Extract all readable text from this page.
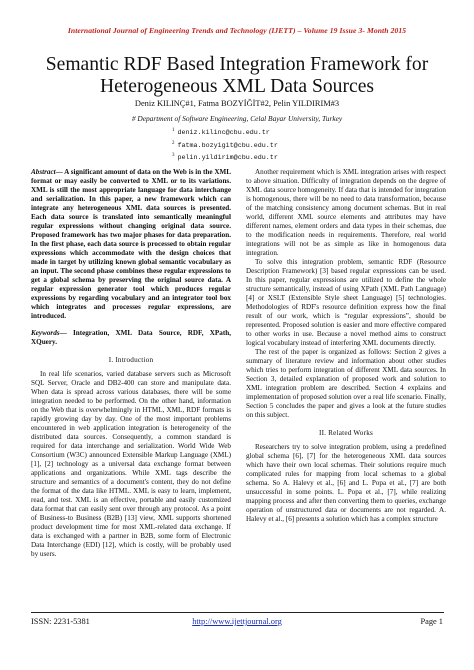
International Journal of Engineering Trends and Technology (IJETT) – Volume 19 Issue 3- Month 2015
Semantic RDF Based Integration Framework for Heterogeneous XML Data Sources
Deniz KILINÇ#1, Fatma BOZYİĞİT#2, Pelin YILDIRIM#3
# Department of Software Engineering, Celal Bayar University, Turkey
$^1$ deniz.kilinc@cbu.edu.tr
$^2$ fatma.bozyigit@cbu.edu.tr
$^3$ pelin.yildirim@cbu.edu.tr

Abstract— A significant amount of data on the Web is in the XML format or may easily be converted to XML or to its variations. XML is still the most appropriate language for data interchange and serialization. In this paper, a new framework which can integrate any heterogeneous XML data sources is presented. Each data source is translated into semantically meaningful regular expressions without changing original data source. Proposed framework has two major phases for data preparation. In the first phase, each data source is processed to obtain regular expressions which accommodate with the design choices that made in target by utilizing known global semantic vocabulary as an input. The second phase combines these regular expressions to get a global schema by preserving the original source data. A regular expression generator tool which produces regular expressions by regarding vocabulary and an integrator tool box which integrates and processes regular expressions, are introduced.

Keywords— Integration, XML Data Source, RDF, XPath, XQuery.

I. Introduction

In real life scenarios, varied database servers such as Microsoft SQL Server, Oracle and DB2-400 can store and manipulate data. When data is spread across various databases, there will be some integration needed to be performed. On the other hand, information on the Web that is overwhelmingly in HTML, XML, RDF formats is rapidly growing day by day. One of the most important problems encountered in web application integration is heterogeneity of the distributed data sources. Consequently, a common standard is required for data interchange and serialization. World Wide Web Consortium (W3C) announced Extensible Markup Language (XML) [1], [2] technology as a universal data exchange format between applications and organizations. While XML tags describe the structure and semantics of a document's content, they do not define the format of the data like HTML. XML is easy to learn, implement, read, and test. XML is an effective, portable and easily customized data format that can easily sent over through any protocol. As a point of Business-to Business (B2B) [13] view, XML supports shortened product development time for most XML-related data exchange. If data is exchanged with a partner in B2B, some form of Electronic Data Interchange (EDI) [12], which is costly, will be probably used by users.

Another requirement which is XML integration arises with respect to above situation. Difficulty of integration depends on the degree of XML data source homogeneity. If data that is intended for integration is homogenous, there will be no need to data transformation, because of the matching consistency among document schemas. But in real world, different XML source elements and attributes may have different names, element orders and data types in their schemas, due to the modification needs in requirements. Therefore, real world integrations will not be as simple as like in homogenous data integration.

To solve this integration problem, semantic RDF (Resource Description Framework) [3] based regular expressions can be used. In this paper, regular expressions are utilized to define the whole structure semantically, instead of using XPath (XML Path Language) [4] or XSLT (Extensible Style sheet Language) [5] technologies. Methodologies of RDF's resource definition express how the final result of our work, which is “regular expressions”, should be represented. Proposed solution is easier and more effective compared to other works in use. Because a novel method aims to construct logical vocabulary instead of interfering XML documents directly.

The rest of the paper is organized as follows: Section 2 gives a summary of literature review and information about other studies which tries to perform integration of different XML data sources. In Section 3, detailed explanation of proposed work and solution to XML integration problem are described. Section 4 explains and implementation of proposed solution over a real life scenario. Finally, Section 5 concludes the paper and gives a look at the future studies on this subject.

II. Related Works

Researchers try to solve integration problem, using a predefined global schema [6], [7] for the heterogeneous XML data sources which have their own local schemas. Their solutions require much complicated rules for mapping from local schemas to a global schema. So A. Halevy et al., [6] and L. Popa et al., [7] are both unsuccessful in some points. L. Popa et al., [7], while realizing mapping process and after then converting them to queries, exchange operation of unstructured data or documents are not regarded. A. Halevy et al., [6] presents a solution which has a complex structure

ISSN: 2231-5381	http://www.ijettjournal.org	Page 1
